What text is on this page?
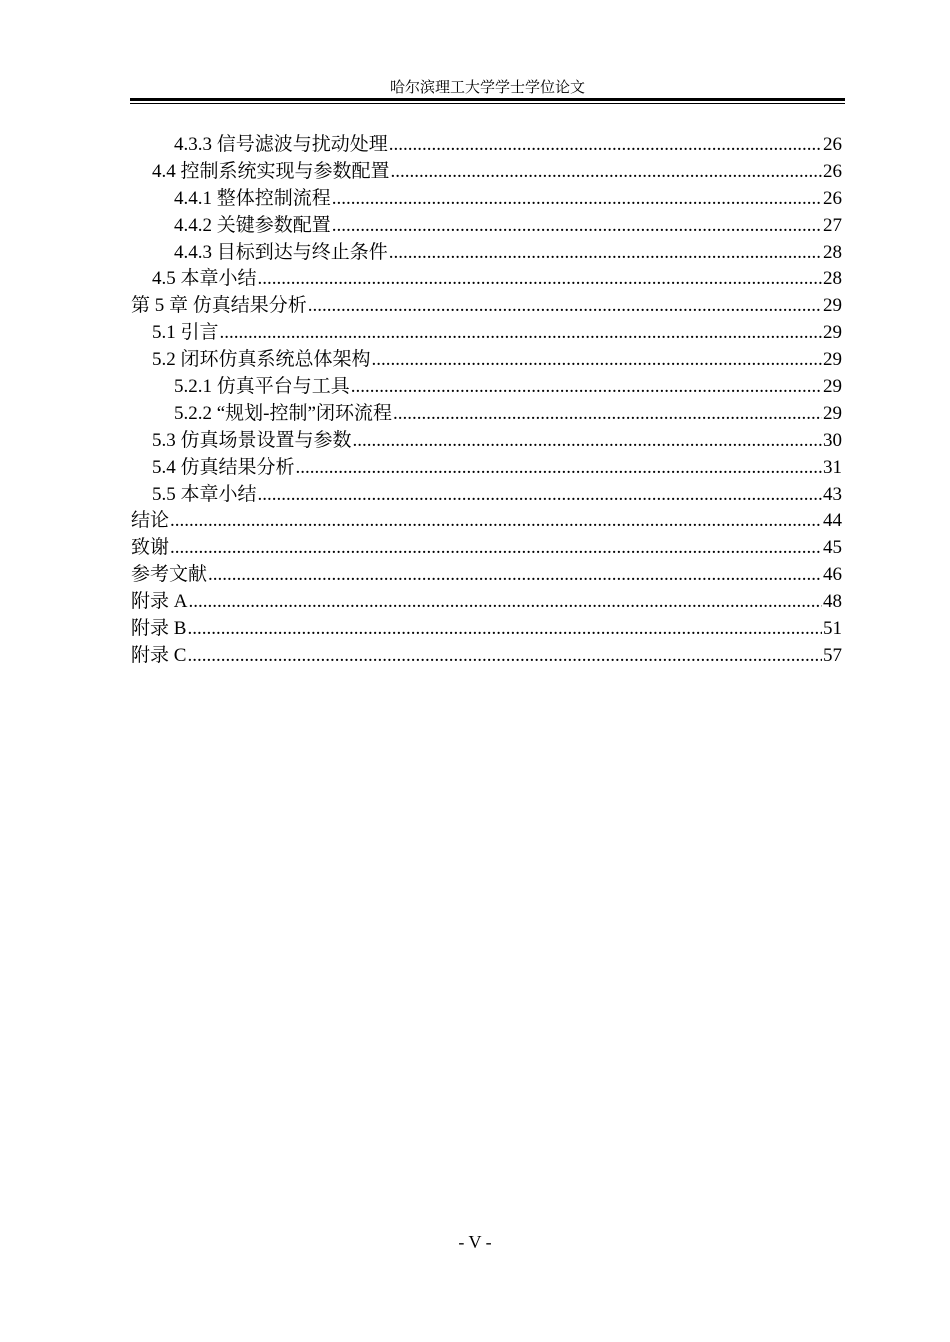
哈尔滨理工大学学士学位论文
4.3.3 信号滤波与扰动处理 .....	26
4.4 控制系统实现与参数配置 .....	26
4.4.1 整体控制流程 .....	26
4.4.2 关键参数配置 .....	27
4.4.3 目标到达与终止条件 .....	28
4.5 本章小结 .....	28
第 5 章 仿真结果分析 .....	29
5.1 引言 .....	29
5.2 闭环仿真系统总体架构 .....	29
5.2.1 仿真平台与工具 .....	29
5.2.2 “规划-控制”闭环流程 .....	29
5.3 仿真场景设置与参数 .....	30
5.4 仿真结果分析 .....	31
5.5 本章小结 .....	43
结论 .....	44
致谢 .....	45
参考文献 .....	46
附录 A .....	48
附录 B .....	51
附录 C .....	57
- V -
